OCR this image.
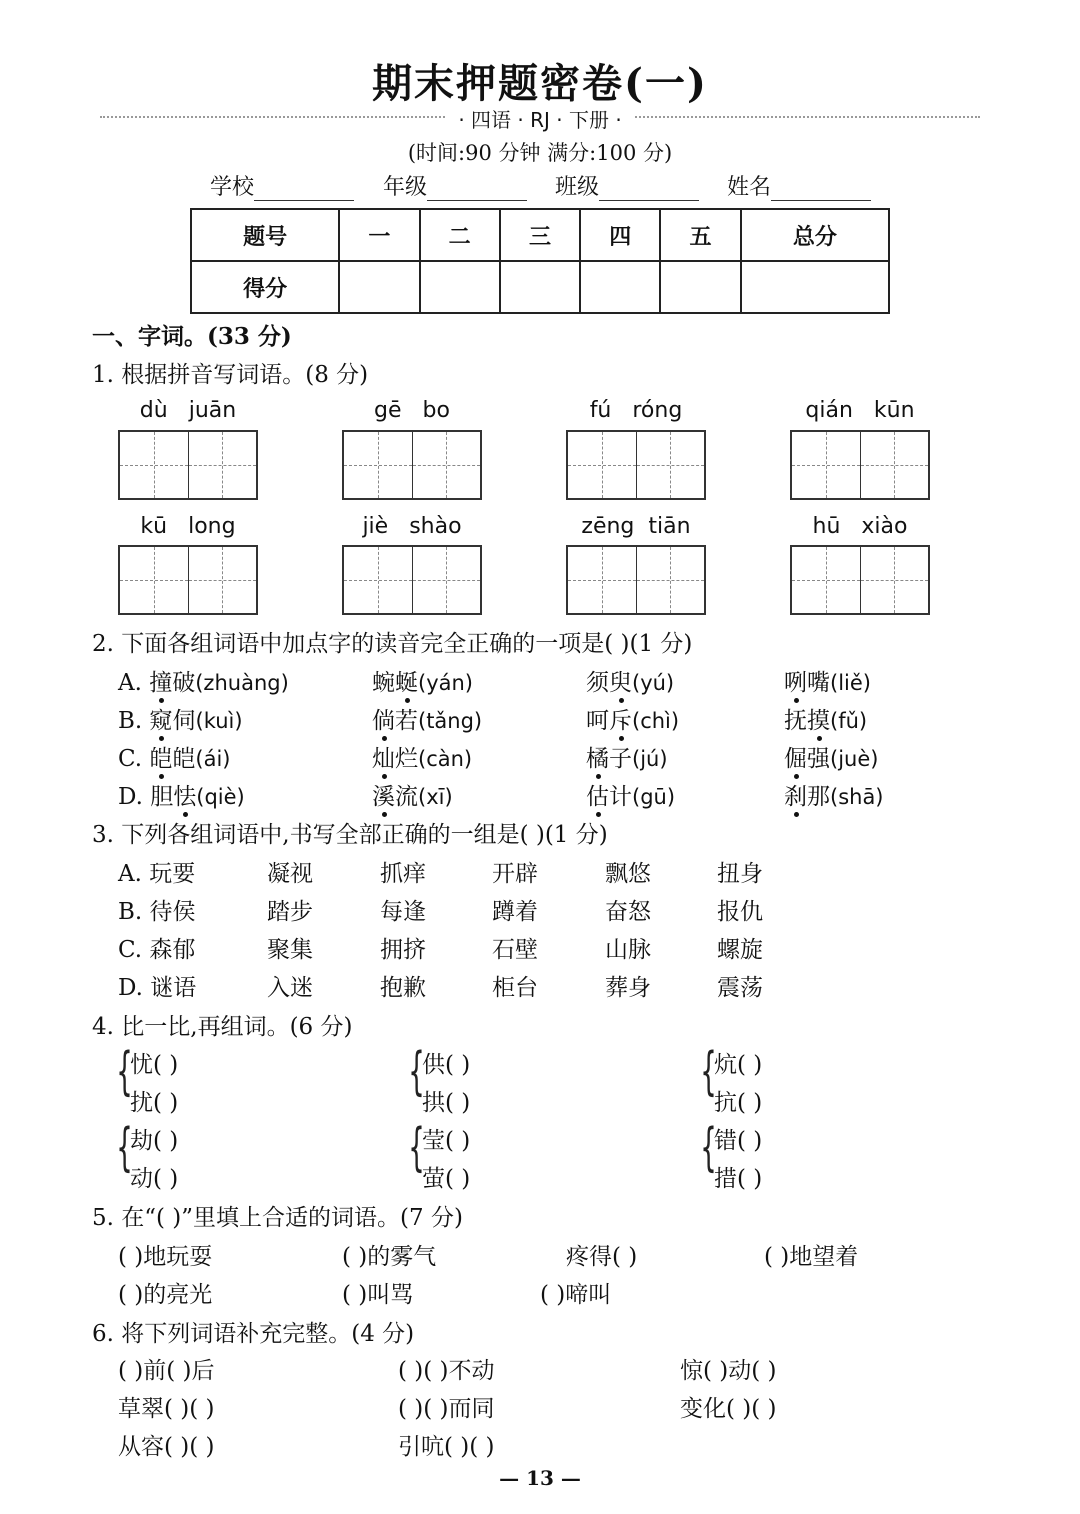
期末押题密卷(一)
· 四语 · RJ · 下册 ·
(时间:90 分钟 满分:100 分)
学校	年级	班级	姓名
题号	一	二	三	四	五	总分
得分						
一、字词。(33 分)
1. 根据拼音写词语。(8 分)
dù juān	gē bo	fú róng	qián kūn
kū long	jiè shào	zēng tiān	hū xiào
2. 下面各组词语中加点字的读音完全正确的一项是( )(1 分)
A. 撞破(zhuàng)	蜿蜒(yán)	须臾(yú)	咧嘴(liě)
B. 窥伺(kuì)	倘若(tǎng)	呵斥(chì)	抚摸(fǔ)
C. 皑皑(ái)	灿烂(càn)	橘子(jú)	倔强(juè)
D. 胆怯(qiè)	溪流(xī)	估计(gū)	刹那(shā)
3. 下列各组词语中,书写全部正确的一组是( )(1 分)
A. 玩要	凝视	抓痒	开辟	飘悠	扭身
B. 待侯	踏步	每逢	蹲着	奋怒	报仇
C. 森郁	聚集	拥挤	石壁	山脉	螺旋
D. 谜语	入迷	抱歉	柜台	葬身	震荡
4. 比一比,再组词。(6 分)
{
忧( )
扰( )
{
供( )
拱( )
{
炕( )
抗( )
{
劫( )
动( )
{
莹( )
萤( )
{
错( )
措( )
5. 在“( )”里填上合适的词语。(7 分)
( )地玩耍	( )的雾气	疼得( )	( )地望着
( )的亮光	( )叫骂	( )啼叫
6. 将下列词语补充完整。(4 分)
( )前( )后	( )( )不动	惊( )动( )
草翠( )( )	( )( )而同	变化( )( )
从容( )( )	引吭( )( )
— 13 —
